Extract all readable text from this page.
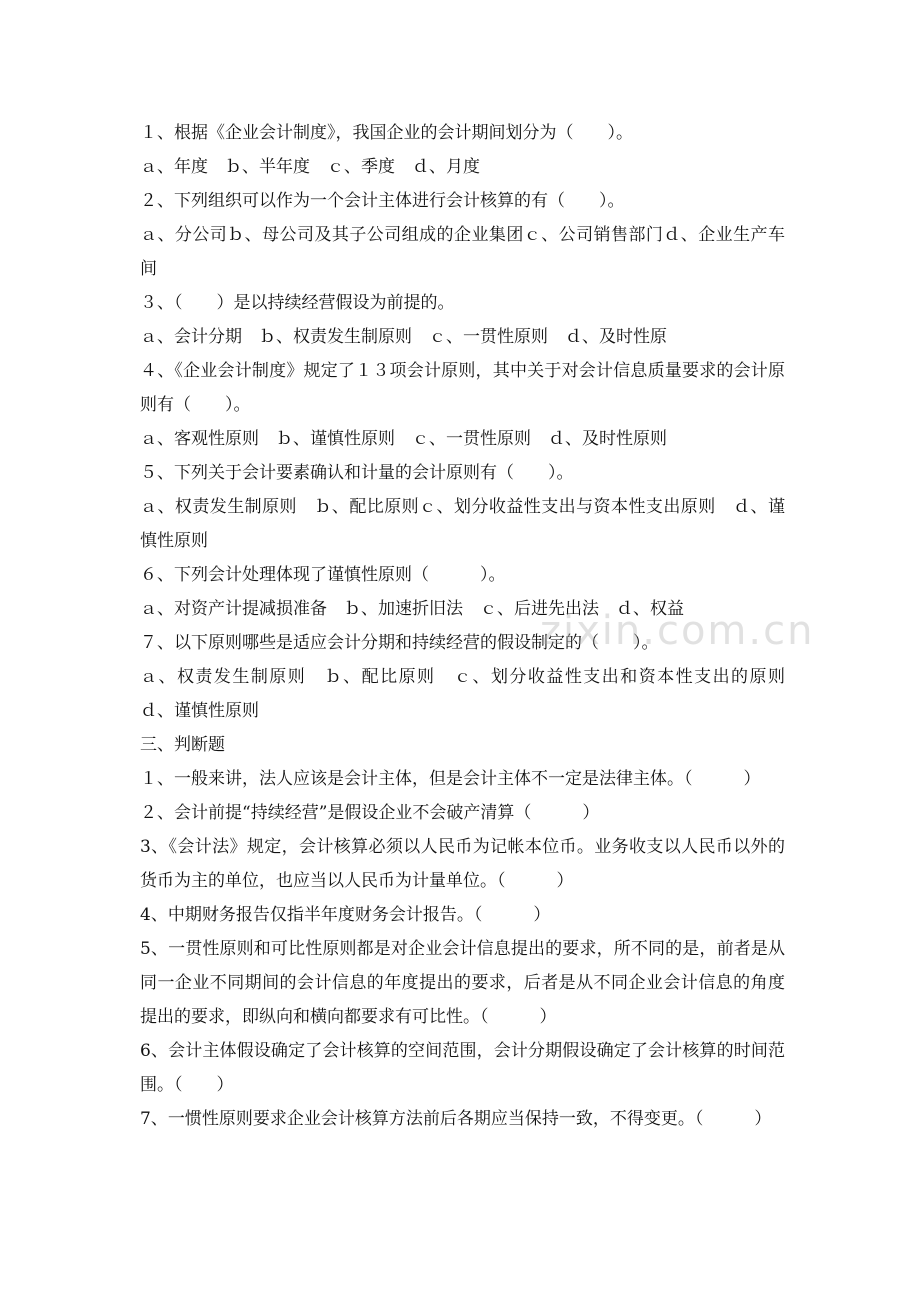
１、根据《企业会计制度》，我国企业的会计期间划分为（　　）。
ａ、年度　ｂ、半年度　ｃ、季度　ｄ、月度
２、下列组织可以作为一个会计主体进行会计核算的有（　　）。
ａ、分公司ｂ、母公司及其子公司组成的企业集团ｃ、公司销售部门ｄ、企业生产车间
３、（　　）是以持续经营假设为前提的。
ａ、会计分期　ｂ、权责发生制原则　ｃ、一贯性原则　ｄ、及时性原
４、《企业会计制度》规定了１３项会计原则，其中关于对会计信息质量要求的会计原则有（　　）。
ａ、客观性原则　ｂ、谨慎性原则　ｃ、一贯性原则　ｄ、及时性原则
５、下列关于会计要素确认和计量的会计原则有（　　）。
ａ、权责发生制原则　ｂ、配比原则ｃ、划分收益性支出与资本性支出原则　ｄ、谨慎性原则
６、下列会计处理体现了谨慎性原则（　　　）。
ａ、对资产计提减损准备　ｂ、加速折旧法　ｃ、后进先出法　ｄ、权益
７、以下原则哪些是适应会计分期和持续经营的假设制定的（　　）。
ａ、权责发生制原则　ｂ、配比原则　ｃ、划分收益性支出和资本性支出的原则　ｄ、谨慎性原则
三、判断题
１、一般来讲，法人应该是会计主体，但是会计主体不一定是法律主体。（　　　）
２、会计前提“持续经营”是假设企业不会破产清算（　　　）
3、《会计法》规定，会计核算必须以人民币为记帐本位币。业务收支以人民币以外的货币为主的单位，也应当以人民币为计量单位。（　　　）
4、中期财务报告仅指半年度财务会计报告。（　　　）
5、一贯性原则和可比性原则都是对企业会计信息提出的要求，所不同的是，前者是从同一企业不同期间的会计信息的年度提出的要求，后者是从不同企业会计信息的角度提出的要求，即纵向和横向都要求有可比性。（　　　）
6、会计主体假设确定了会计核算的空间范围，会计分期假设确定了会计核算的时间范围。（　　）
7、一惯性原则要求企业会计核算方法前后各期应当保持一致，不得变更。（　　　）
zixin.com.cn
